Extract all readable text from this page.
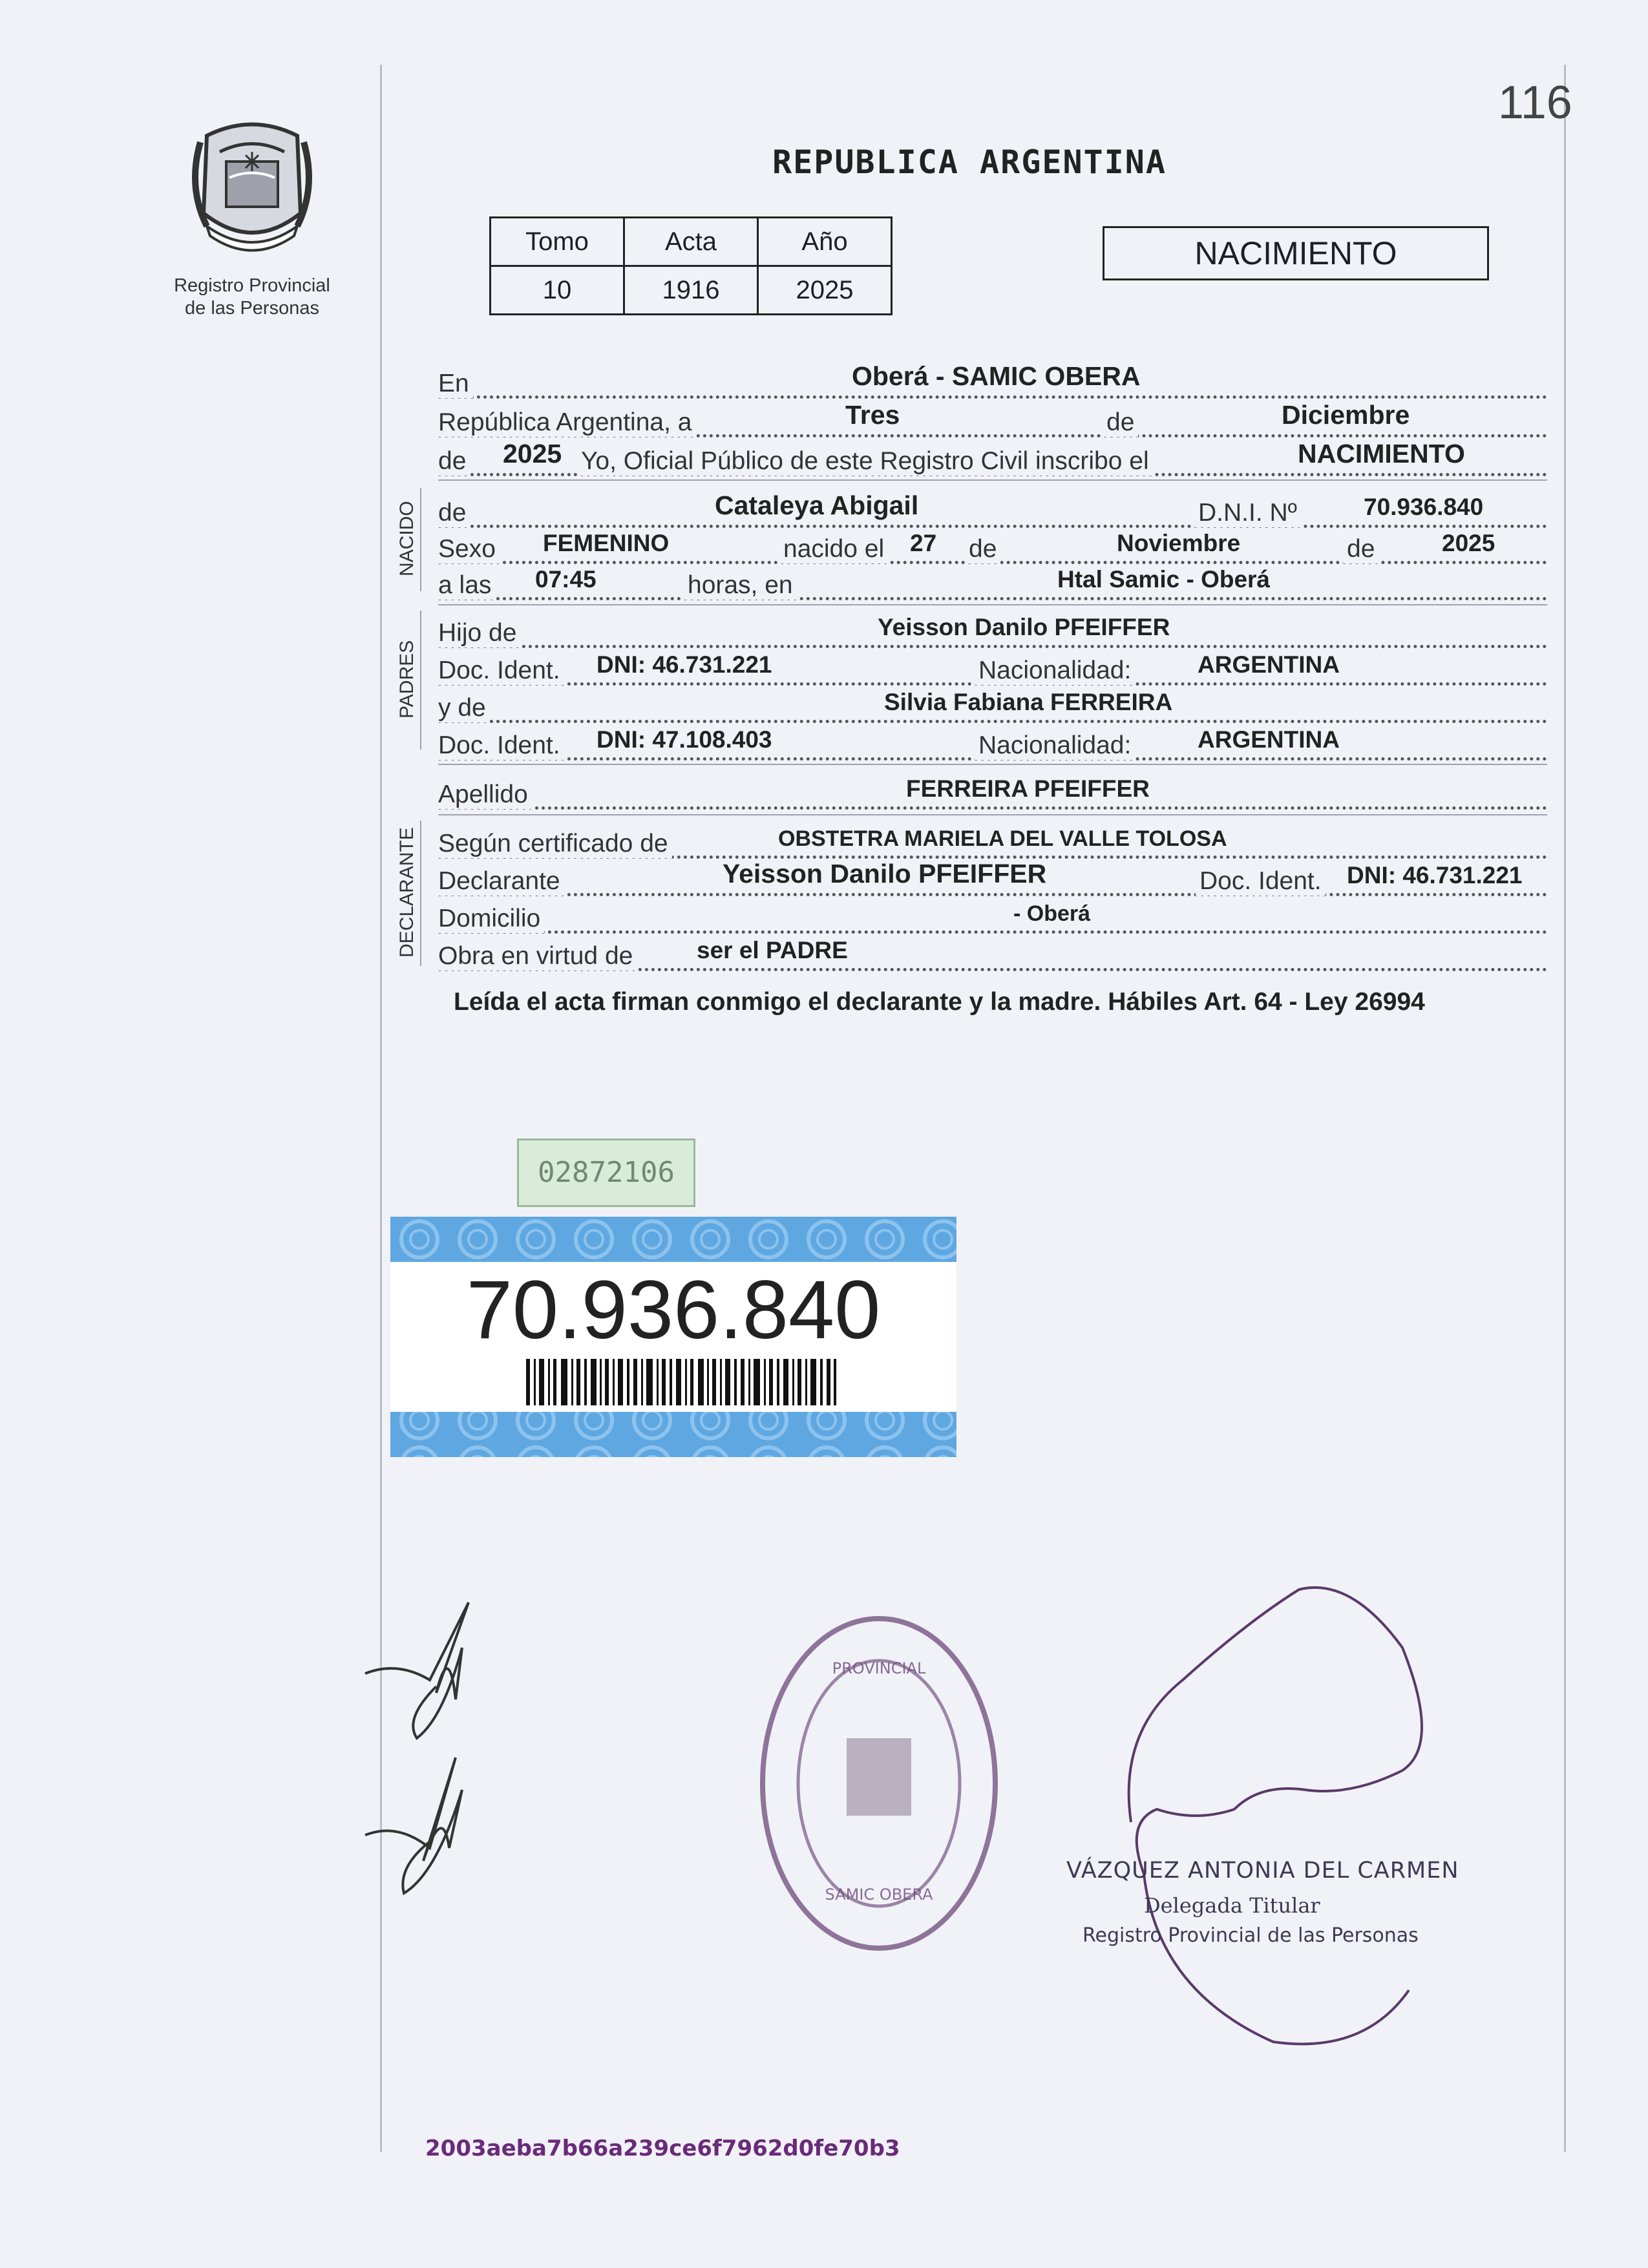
116
Registro Provincial
de las Personas
REPUBLICA ARGENTINA
Tomo	Acta	Año
10	1916	2025
NACIMIENTO
En	Oberá - SAMIC OBERA
República Argentina, a	Tres	de	Diciembre
de 2025 Yo, Oficial Público de este Registro Civil inscribo el	NACIMIENTO
NACIDO de	Cataleya Abigail	D.N.I. Nº	70.936.840
Sexo FEMENINO	nacido el 27 de	Noviembre	de	2025
a las 07:45	horas, en	Htal Samic - Oberá
PADRES
Hijo de	Yeisson Danilo PFEIFFER
Doc. Ident. DNI: 46.731.221	Nacionalidad:	ARGENTINA
y de	Silvia Fabiana FERREIRA
Doc. Ident. DNI: 47.108.403	Nacionalidad:	ARGENTINA
Apellido	FERREIRA PFEIFFER
DECLARANTE Según certificado de	OBSTETRA MARIELA DEL VALLE TOLOSA
Declarante	Yeisson Danilo PFEIFFER	Doc. Ident. DNI: 46.731.221
Domicilio	- Oberá
Obra en virtud de	ser el PADRE
Leída el acta firman conmigo el declarante y la madre. Hábiles Art. 64 - Ley 26994
02872106
70.936.840
PROVINCIAL
SAMIC OBERA
VÁZQUEZ ANTONIA DEL CARMEN
Delegada Titular
Registro Provincial de las Personas
2003aeba7b66a239ce6f7962d0fe70b3
